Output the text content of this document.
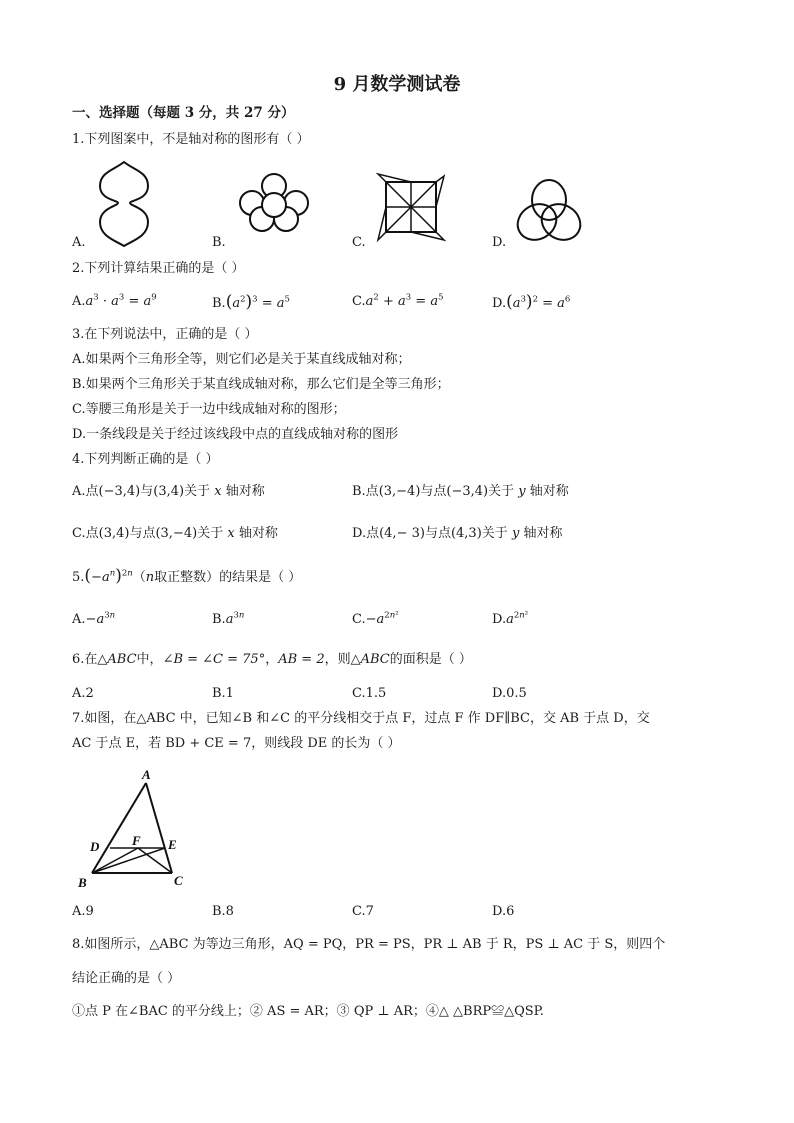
9 月数学测试卷
一、选择题（每题 3 分，共 27 分）
1.下列图案中，不是轴对称的图形有（ ）
A.	B.	C.	D.
2.下列计算结果正确的是（ ）
$A.a^3 \cdot a^3 = a^9$	$B.(a^2)^3 = a^5$	$C.a^2 + a^3 = a^5$	$D.(a^3)^2 = a^6$
3.在下列说法中，正确的是（ ）
A.如果两个三角形全等，则它们必是关于某直线成轴对称；
B.如果两个三角形关于某直线成轴对称，那么它们是全等三角形；
C.等腰三角形是关于一边中线成轴对称的图形；
D.一条线段是关于经过该线段中点的直线成轴对称的图形
4.下列判断正确的是（ ）
A.点(−3,4)与(3,4)关于 x 轴对称	B.点(3,−4)与点(−3,4)关于 y 轴对称
C.点(3,4)与点(3,−4)关于 x 轴对称	D.点(4,− 3)与点(4,3)关于 y 轴对称
$5.(-a^n)^{2n}(n$取正整数）的结果是（ ）
$A.-a^{3n}$	$B.a^{3n}$	$C.-a^{2n^2}$	$D.a^{2n^2}$
6.在△ABC中，∠B = ∠C = 75°，AB = 2，则△ABC的面积是（ ）
A.2	B.1	C.1.5	D.0.5
7.如图，在△ABC 中，已知∠B 和∠C 的平分线相交于点 F，过点 F 作 DF∥BC，交 AB 于点 D，交
AC 于点 E，若 BD + CE = 7，则线段 DE 的长为（ ）
A
D	F E
B	C
A.9	B.8	C.7	D.6
8.如图所示，△ABC 为等边三角形，AQ = PQ，PR = PS，PR ⊥ AB 于 R，PS ⊥ AC 于 S，则四个
结论正确的是（ ）
①点 P 在∠BAC 的平分线上；② AS = AR；③ QP ⊥ AR；④△ △BRP≌△QSP.
